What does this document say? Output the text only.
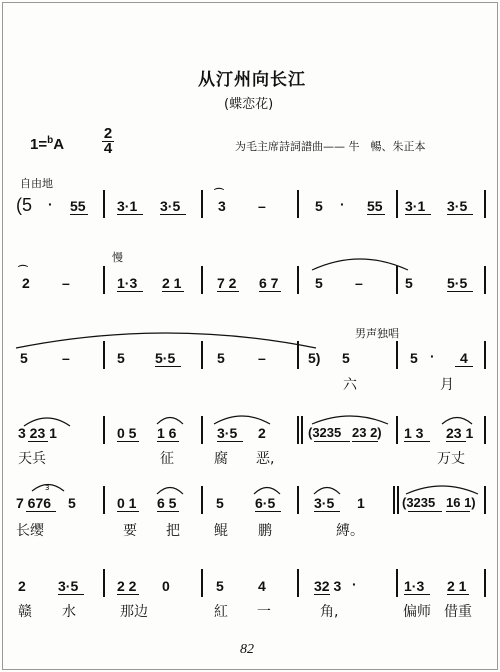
从汀州向长江
(蝶恋花)
1=$^b$A
2
4	为毛主席詩詞譜曲—— 牛　暢、朱正本
自由地
(5 · 55 3·1 3·5
⌒
3 –	5 · 55 3·1 3·5
慢
⌒
2 –	1·3 2 1	7 2 6 7	5 –	5 5·5
男声独唱
5 –	5 5·5	5 –	5) 5
六
5 · 4
月
3 23 1	0 5 1 6	3·5 2	(3235 23 2) 1 3 23 1
天兵	征	腐 恶,	万丈
3
7 676 5	0 1 6 5	5 6·5	3·5 1	(3235 16 1)
长缨	要 把 鲲 鹏	縛。
2 3·5	2 2 0	5 4	32 3 ·	1·3 2 1
赣 水	那边	紅 一	角,	偏师 借重
82
